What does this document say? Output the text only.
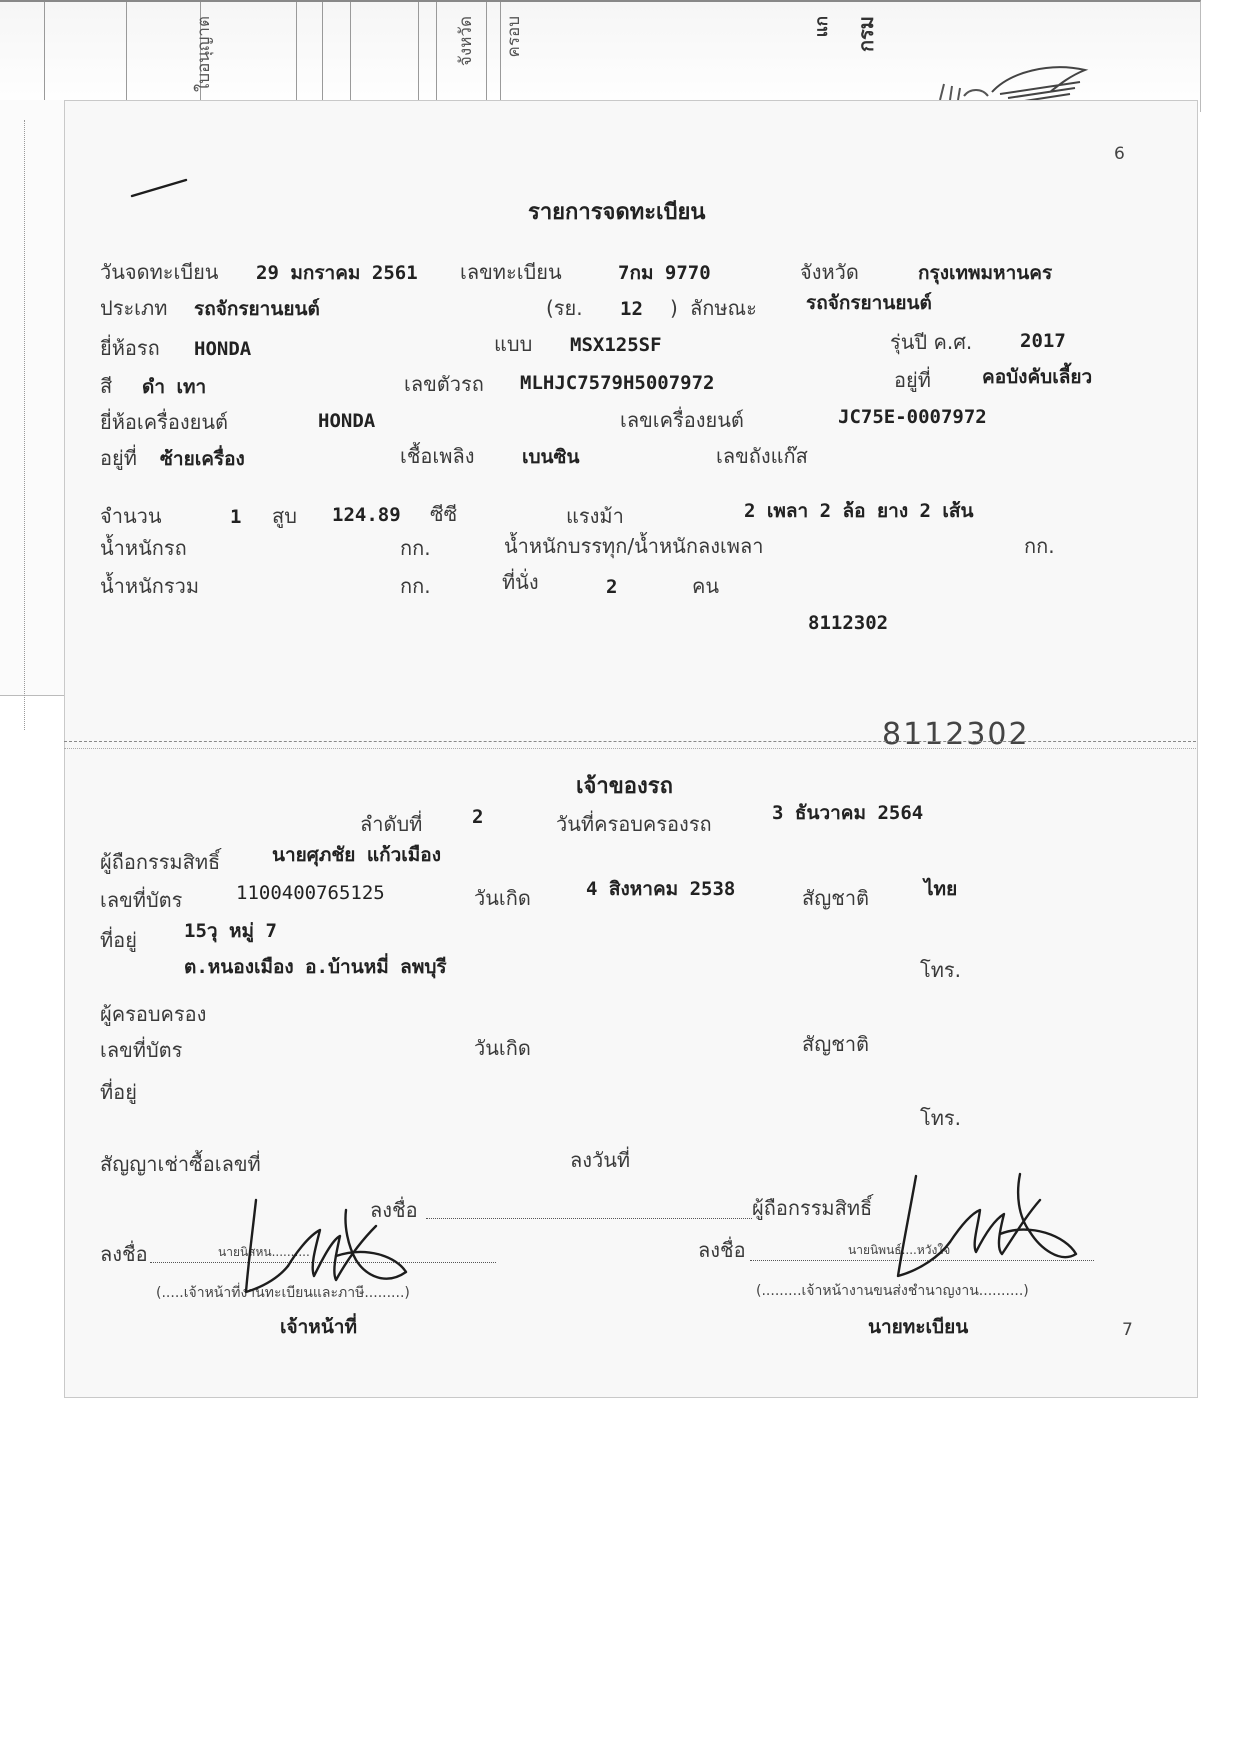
ใบอนุญาต	จังหวัด ครอบ	กรม
แก
6
7
รายการจดทะเบียน
วันจดทะเบียน 29 มกราคม 2561 เลขทะเบียน	7กม 9770	จังหวัด	กรุงเทพมหานคร
ประเภท รถจักรยานยนต์	(รย. 12 ) ลักษณะ	รถจักรยานยนต์
ยี่ห้อรถ HONDA	แบบ MSX125SF	รุ่นปี ค.ศ.	2017
สี ดำ เทา	เลขตัวรถ MLHJC7579H5007972	อยู่ที่	คอบังคับเลี้ยว
ยี่ห้อเครื่องยนต์	HONDA	เลขเครื่องยนต์	JC75E-0007972
อยู่ที่ ซ้ายเครื่อง	เชื้อเพลิง	เบนซิน	เลขถังแก๊ส
จำนวน	1 สูบ 124.89 ซีซี	แรงม้า	2 เพลา 2 ล้อ ยาง 2 เส้น
น้ำหนักรถ	กก.	น้ำหนักบรรทุก/น้ำหนักลงเพลา	กก.
น้ำหนักรวม	กก.	ที่นั่ง	2	คน
8112302
8112302
เจ้าของรถ
ลำดับที่	2	วันที่ครอบครองรถ	3 ธันวาคม 2564
ผู้ถือกรรมสิทธิ์	นายศุภชัย แก้วเมือง
เลขที่บัตร	1100400765125	วันเกิด	4 สิงหาคม 2538	สัญชาติ	ไทย
ที่อยู่ 15วุ หมู่ 7
ต.หนองเมือง อ.บ้านหมี่ ลพบุรี	โทร.
ผู้ครอบครอง
เลขที่บัตร	วันเกิด	สัญชาติ
ที่อยู่
โทร.
สัญญาเช่าซื้อเลขที่	ลงวันที่
ลงชื่อ	ผู้ถือกรรมสิทธิ์
ลงชื่อ	นายนิสหน..........
(.....เจ้าหน้าที่งานทะเบียนและภาษี.........)
เจ้าหน้าที่
ลงชื่อ	นายนิพนธ์....หวังใจ
(.........เจ้าหน้างานขนส่งชำนาญงาน..........)
นายทะเบียน
